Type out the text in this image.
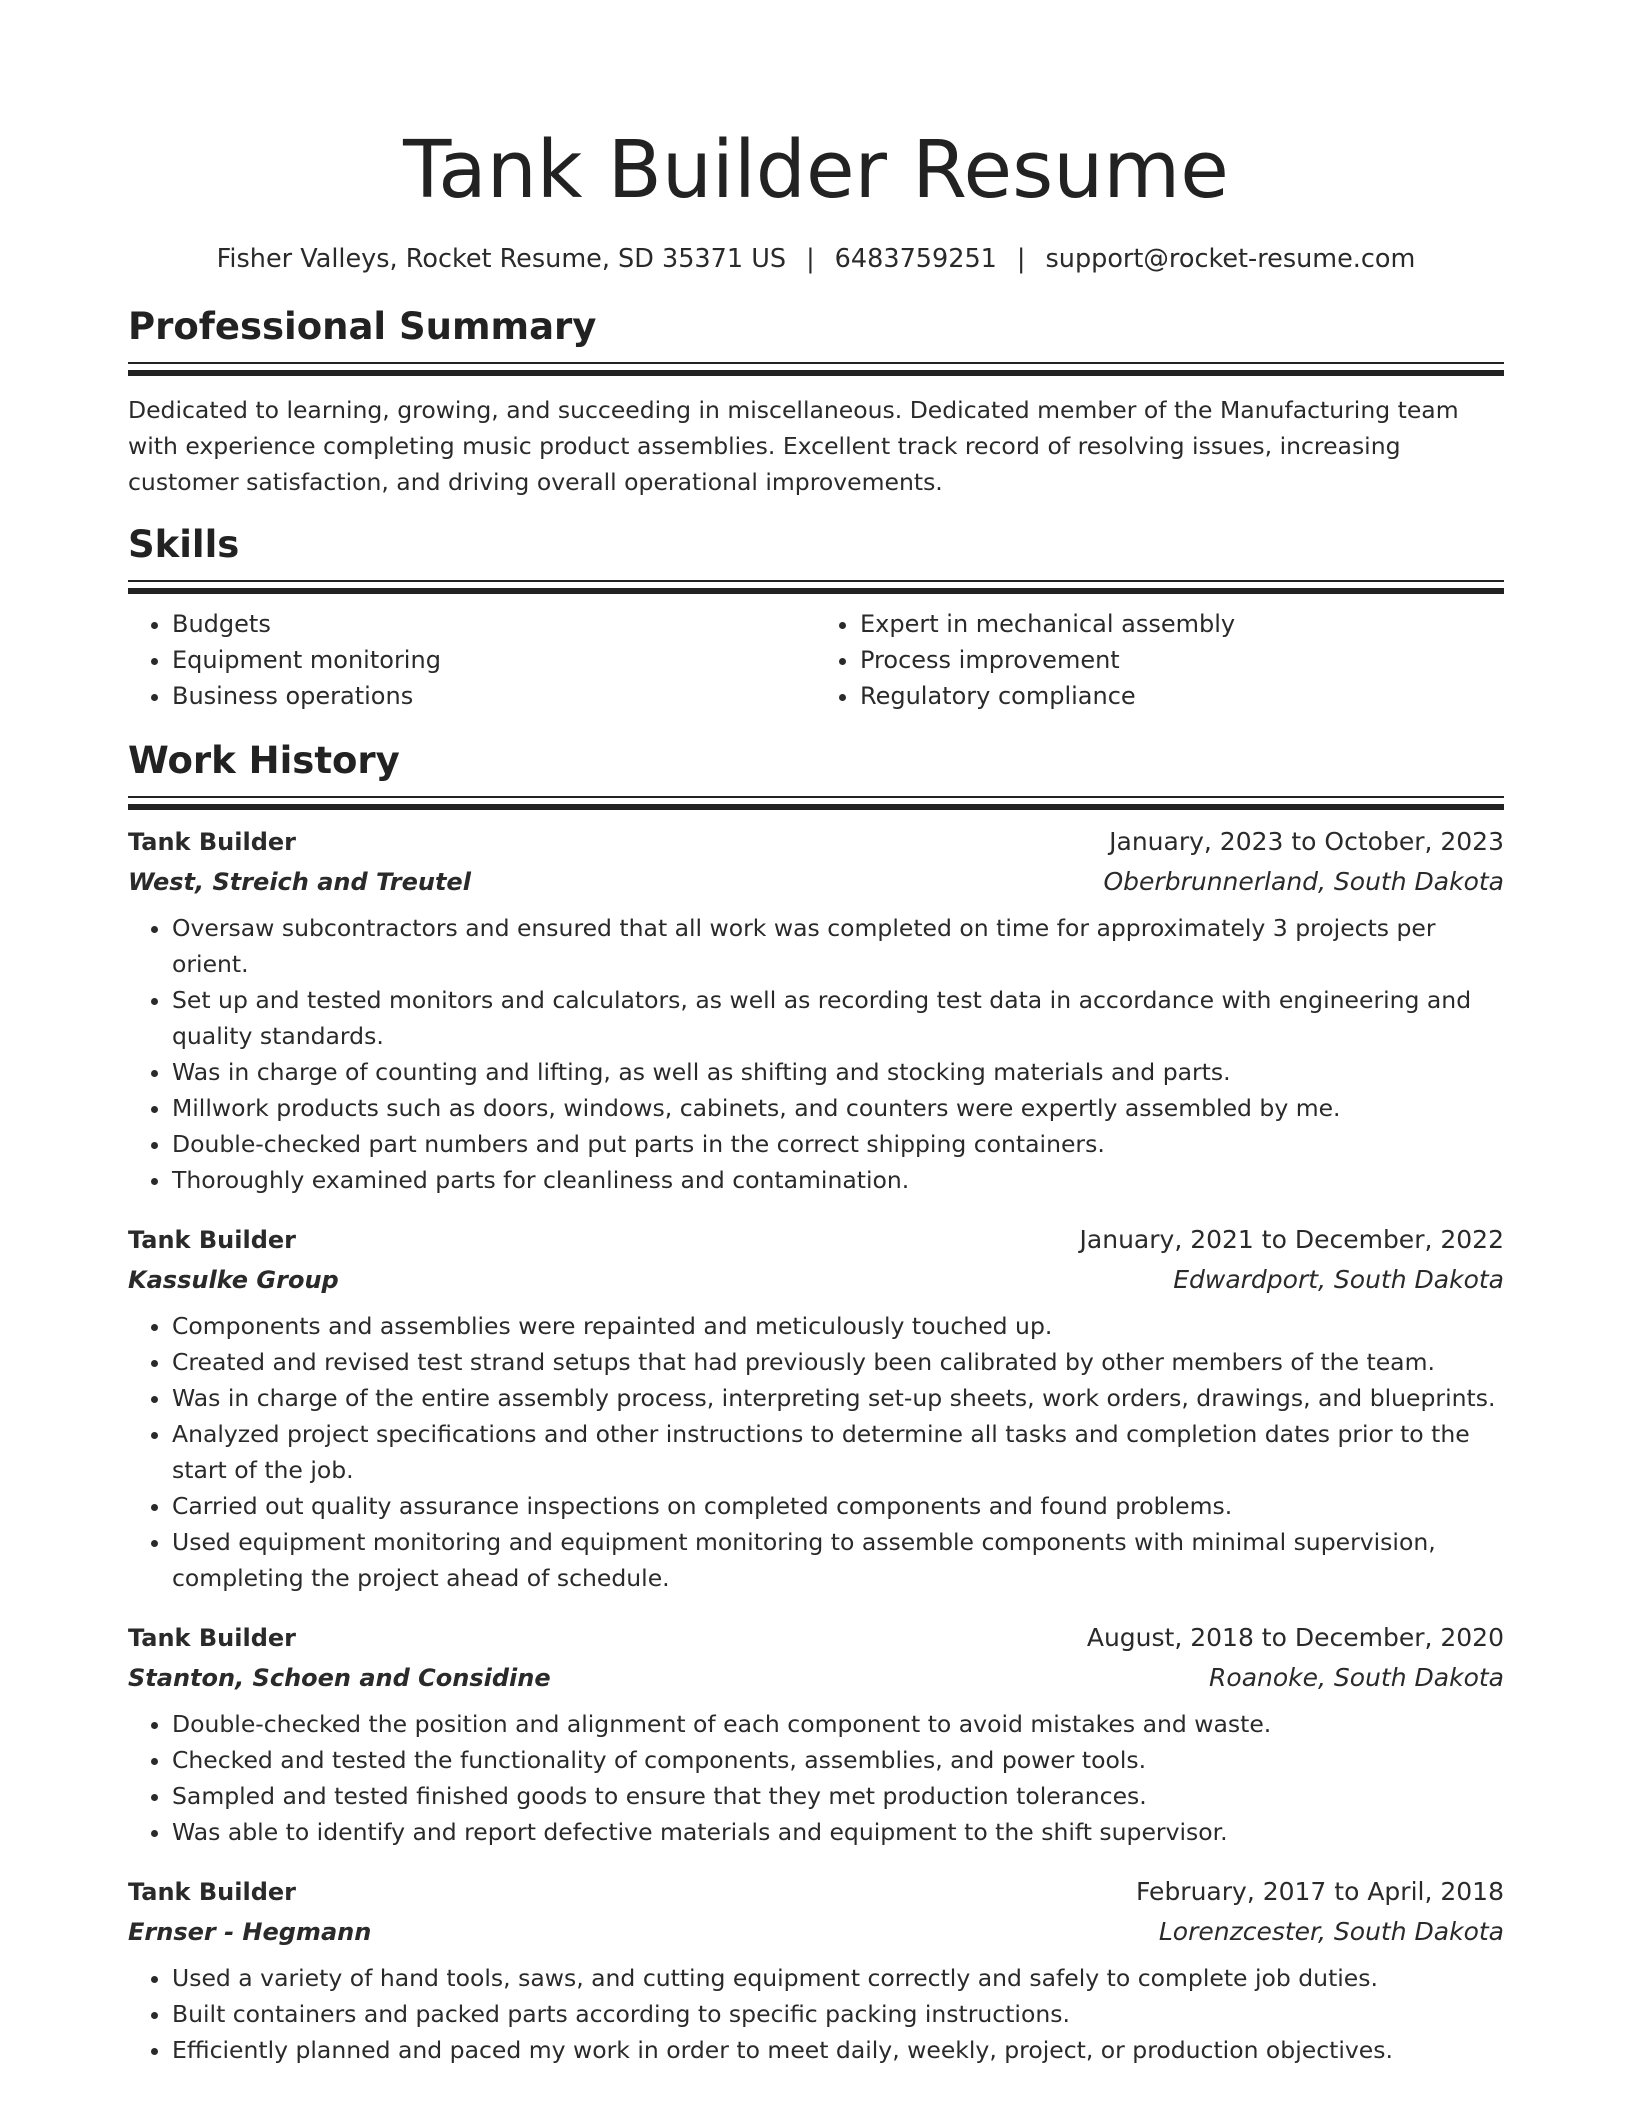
Tank Builder Resume
Fisher Valleys, Rocket Resume, SD 35371 US | 6483759251 | support@rocket-resume.com
Professional Summary

Dedicated to learning, growing, and succeeding in miscellaneous. Dedicated member of the Manufacturing team with experience completing music product assemblies. Excellent track record of resolving issues, increasing customer satisfaction, and driving overall operational improvements.

Skills
• Budgets
• Equipment monitoring
• Business operations
• Expert in mechanical assembly
• Process improvement
• Regulatory compliance
Work History
Tank Builder	January, 2023 to October, 2023
West, Streich and Treutel	Oberbrunnerland, South Dakota
• Oversaw subcontractors and ensured that all work was completed on time for approximately 3 projects per orient.
• Set up and tested monitors and calculators, as well as recording test data in accordance with engineering and quality standards.
• Was in charge of counting and lifting, as well as shifting and stocking materials and parts.
• Millwork products such as doors, windows, cabinets, and counters were expertly assembled by me.
• Double-checked part numbers and put parts in the correct shipping containers.
• Thoroughly examined parts for cleanliness and contamination.
Tank Builder	January, 2021 to December, 2022
Kassulke Group	Edwardport, South Dakota
• Components and assemblies were repainted and meticulously touched up.
• Created and revised test strand setups that had previously been calibrated by other members of the team.
• Was in charge of the entire assembly process, interpreting set-up sheets, work orders, drawings, and blueprints.
• Analyzed project specifications and other instructions to determine all tasks and completion dates prior to the start of the job.
• Carried out quality assurance inspections on completed components and found problems.
• Used equipment monitoring and equipment monitoring to assemble components with minimal supervision, completing the project ahead of schedule.
Tank Builder	August, 2018 to December, 2020
Stanton, Schoen and Considine	Roanoke, South Dakota
• Double-checked the position and alignment of each component to avoid mistakes and waste.
• Checked and tested the functionality of components, assemblies, and power tools.
• Sampled and tested finished goods to ensure that they met production tolerances.
• Was able to identify and report defective materials and equipment to the shift supervisor.
Tank Builder	February, 2017 to April, 2018
Ernser - Hegmann	Lorenzcester, South Dakota
• Used a variety of hand tools, saws, and cutting equipment correctly and safely to complete job duties.
• Built containers and packed parts according to specific packing instructions.
• Efficiently planned and paced my work in order to meet daily, weekly, project, or production objectives.
